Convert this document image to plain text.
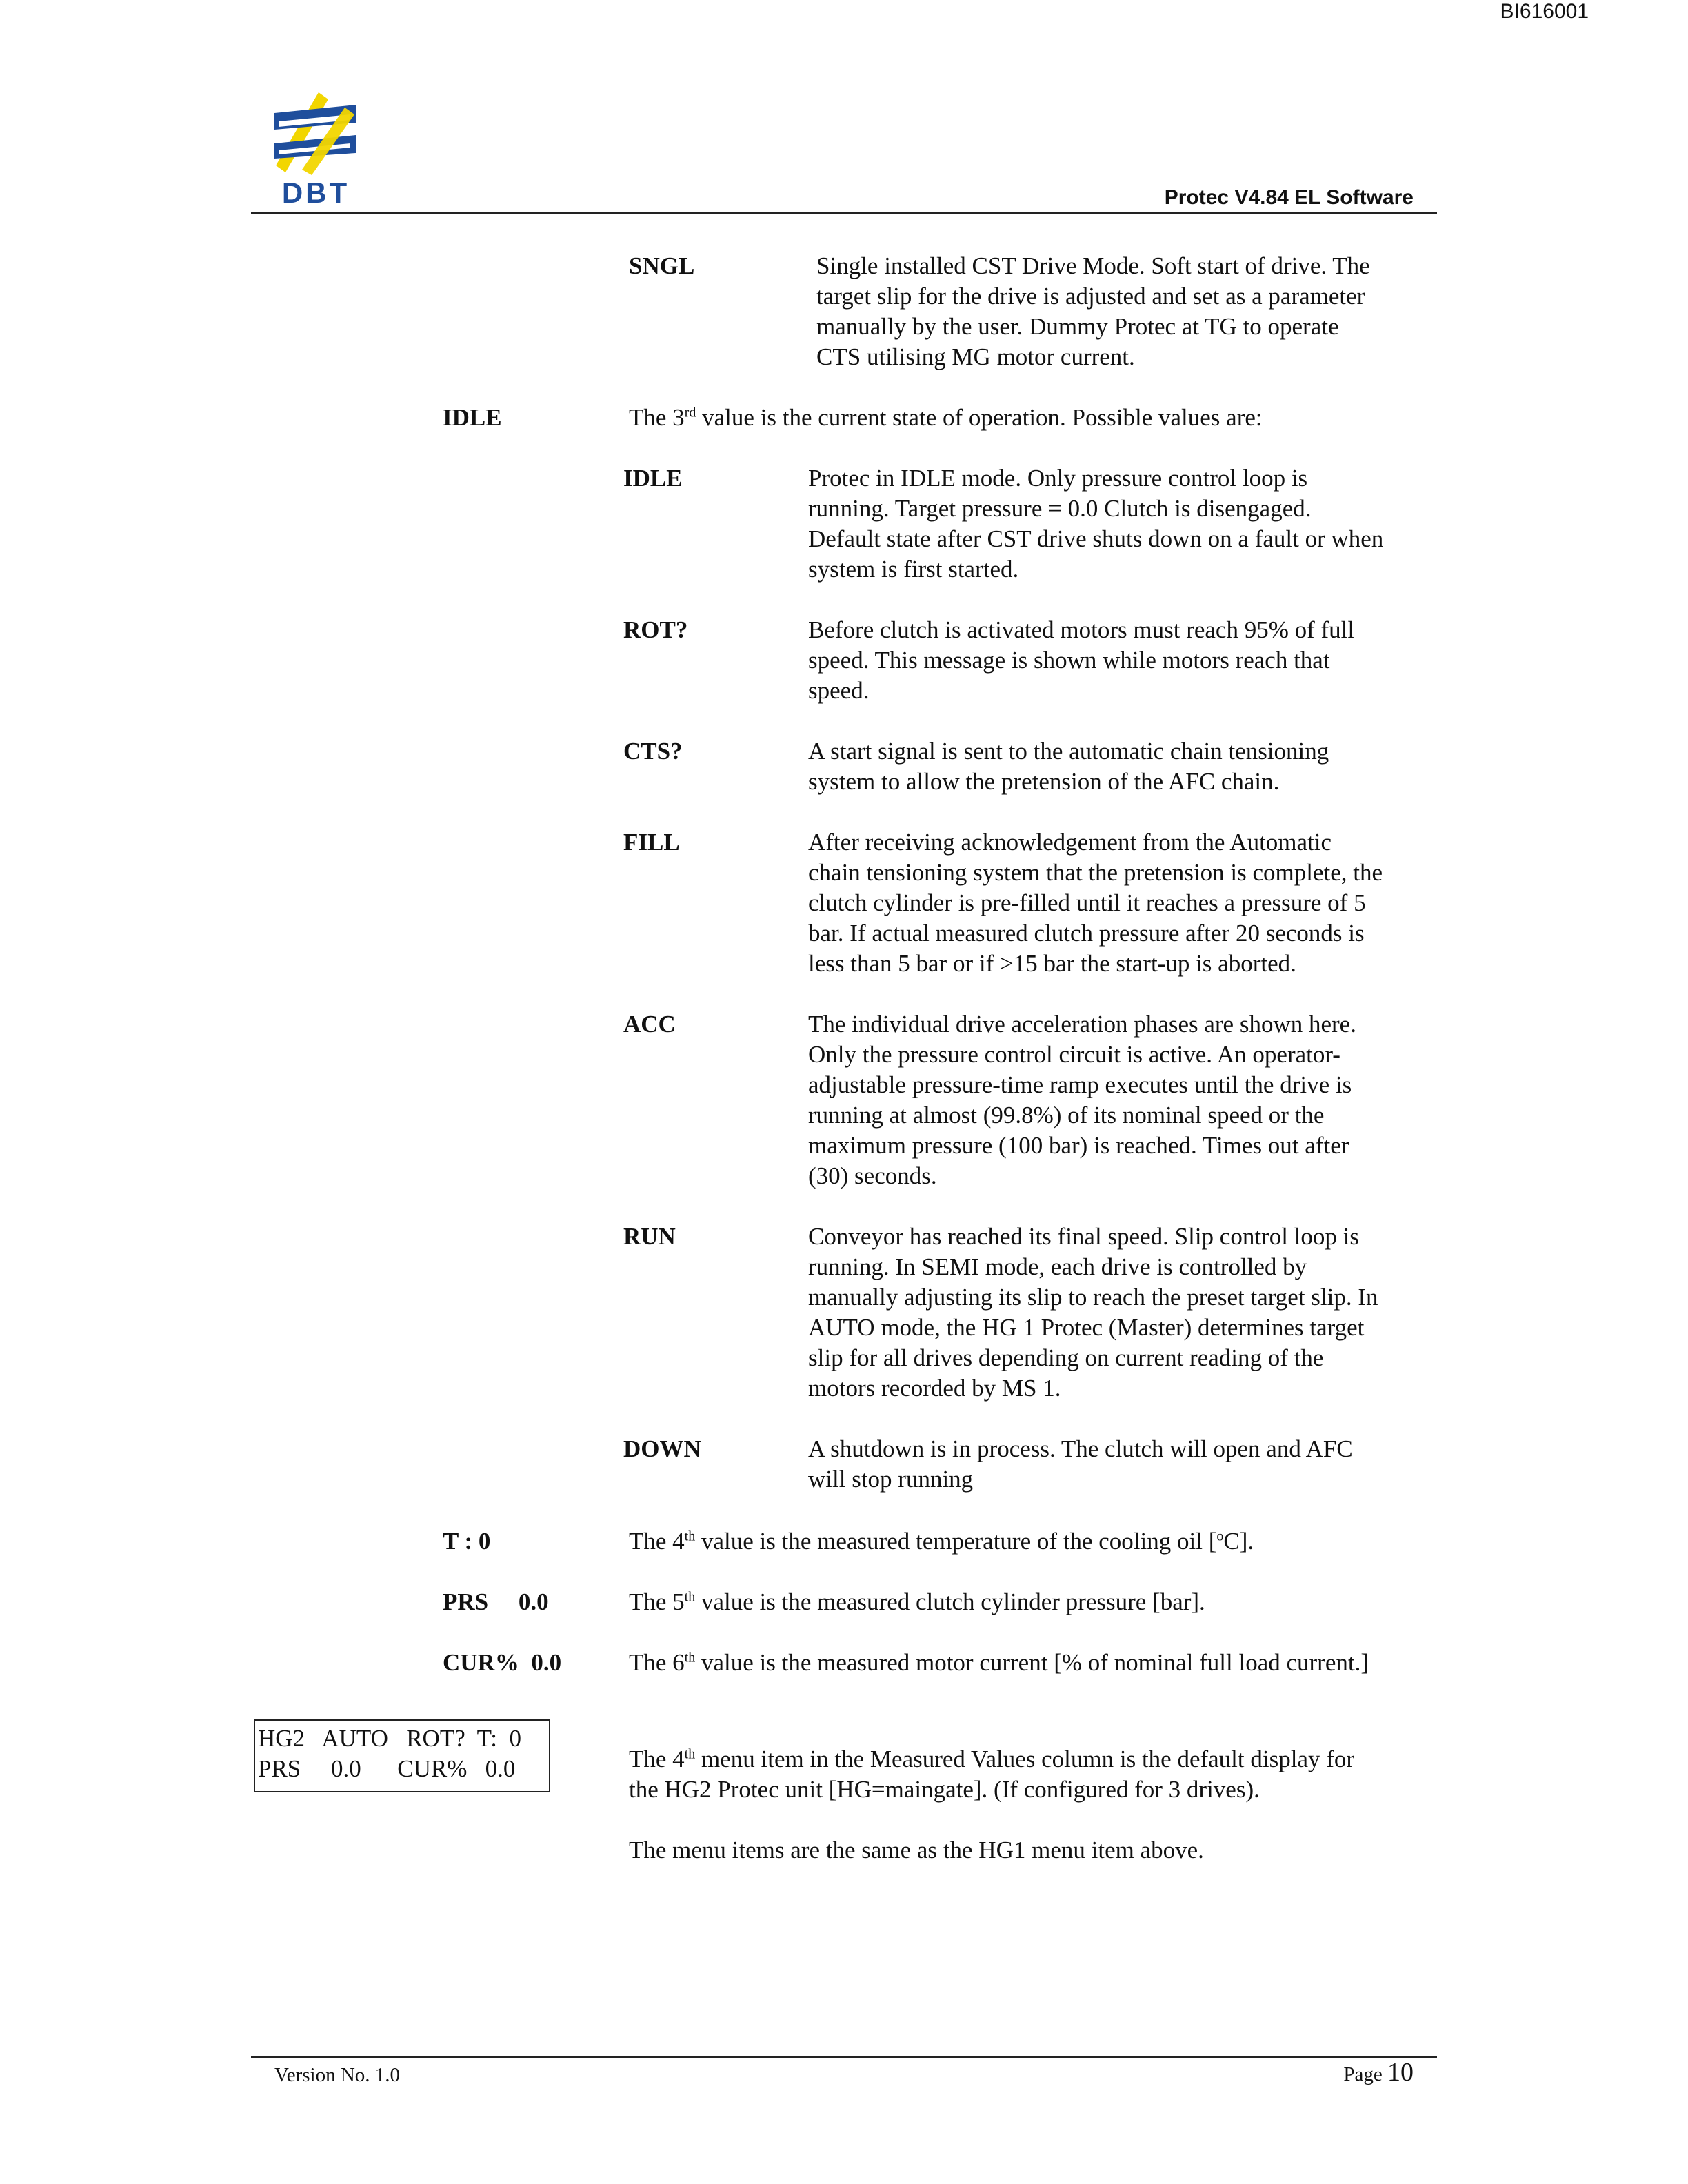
BI616001
DBT	Protec V4.84 EL Software
SNGL	Single installed CST Drive Mode. Soft start of drive. The
target slip for the drive is adjusted and set as a parameter
manually by the user. Dummy Protec at TG to operate
CTS utilising MG motor current.
IDLE	The 3rd value is the current state of operation. Possible values are:
IDLE	Protec in IDLE mode. Only pressure control loop is
running. Target pressure = 0.0 Clutch is disengaged.
Default state after CST drive shuts down on a fault or when
system is first started.
ROT?	Before clutch is activated motors must reach 95% of full
speed. This message is shown while motors reach that
speed.
CTS?	A start signal is sent to the automatic chain tensioning
system to allow the pretension of the AFC chain.
FILL	After receiving acknowledgement from the Automatic
chain tensioning system that the pretension is complete, the
clutch cylinder is pre-filled until it reaches a pressure of 5
bar. If actual measured clutch pressure after 20 seconds is
less than 5 bar or if >15 bar the start-up is aborted.
ACC	The individual drive acceleration phases are shown here.
Only the pressure control circuit is active. An operator-
adjustable pressure-time ramp executes until the drive is
running at almost (99.8%) of its nominal speed or the
maximum pressure (100 bar) is reached. Times out after
(30) seconds.
RUN	Conveyor has reached its final speed. Slip control loop is
running. In SEMI mode, each drive is controlled by
manually adjusting its slip to reach the preset target slip. In
AUTO mode, the HG 1 Protec (Master) determines target
slip for all drives depending on current reading of the
motors recorded by MS 1.
DOWN	A shutdown is in process. The clutch will open and AFC
will stop running
T : 0	The 4th value is the measured temperature of the cooling oil [$^o$C].
PRS     0.0	The 5th value is the measured clutch cylinder pressure [bar].
CUR%  0.0	The 6th value is the measured motor current [% of nominal full load current.]
HG2   AUTO   ROT?  T:  0
PRS     0.0      CUR%   0.0	The 4th menu item in the Measured Values column is the default display for
the HG2 Protec unit [HG=maingate]. (If configured for 3 drives).
The menu items are the same as the HG1 menu item above.
Version No. 1.0	Page 10
